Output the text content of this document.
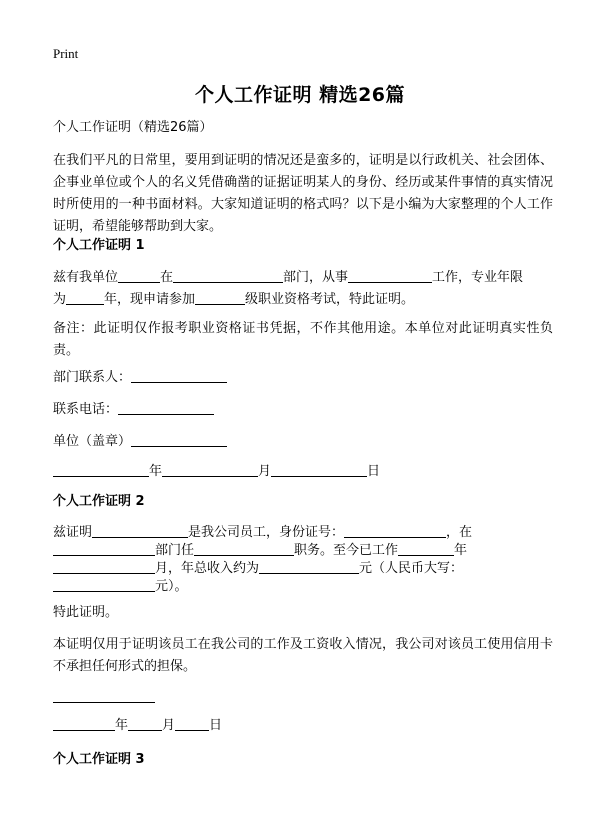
Print
个人工作证明 精选26篇
个人工作证明（精选26篇）
在我们平凡的日常里，要用到证明的情况还是蛮多的，证明是以行政机关、社会团体、企事业单位或个人的名义凭借确凿的证据证明某人的身份、经历或某件事情的真实情况时所使用的一种书面材料。大家知道证明的格式吗？以下是小编为大家整理的个人工作证明，希望能够帮助到大家。
个人工作证明 1
兹有我单位	在	部门，从事	工作，专业年限
为	年，现申请参加	级职业资格考试，特此证明。
备注：此证明仅作报考职业资格证书凭据，不作其他用途。本单位对此证明真实性负责。
部门联系人：
联系电话：
单位（盖章）
年	月	日
个人工作证明 2
兹证明	是我公司员工，身份证号：	，在
部门任	职务。至今已工作	年
月，年总收入约为	元（人民币大写：
元）。
特此证明。
本证明仅用于证明该员工在我公司的工作及工资收入情况，我公司对该员工使用信用卡不承担任何形式的担保。
年	月	日
个人工作证明 3
